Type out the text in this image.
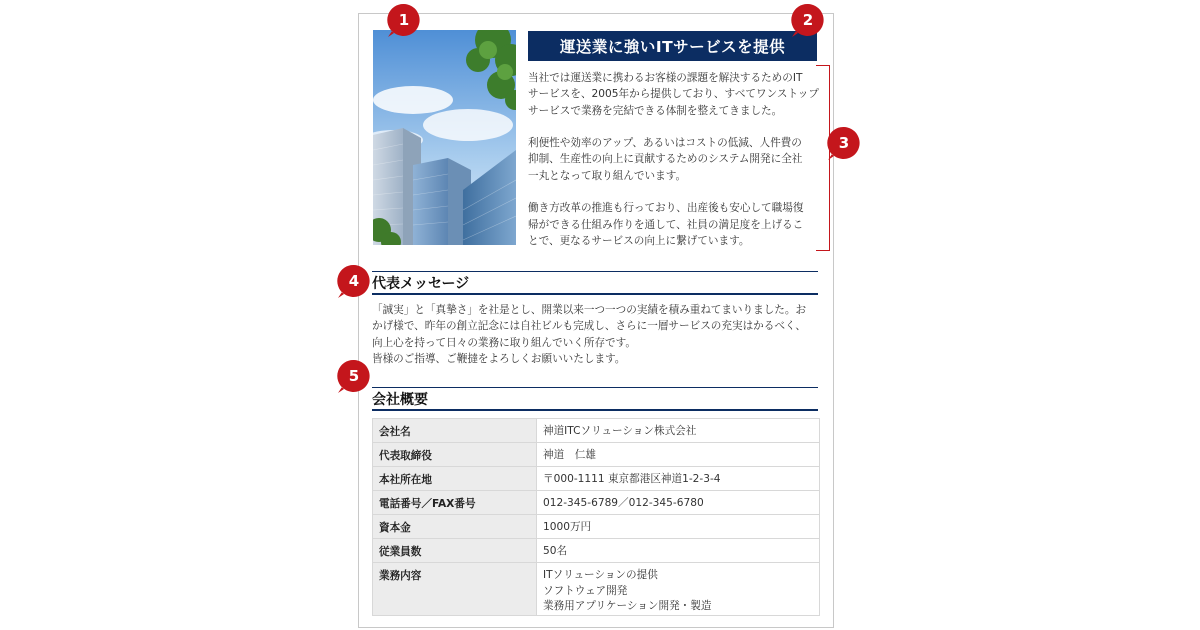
運送業に強いITサービスを提供

当社では運送業に携わるお客様の課題を解決するためのIT
サービスを、2005年から提供しており、すべてワンストップ
サービスで業務を完結できる体制を整えてきました。

利便性や効率のアップ、あるいはコストの低減、人件費の
抑制、生産性の向上に貢献するためのシステム開発に全社
一丸となって取り組んでいます。

働き方改革の推進も行っており、出産後も安心して職場復
帰ができる仕組み作りを通して、社員の満足度を上げるこ
とで、更なるサービスの向上に繋げています。

代表メッセージ
「誠実」と「真摯さ」を社是とし、開業以来一つ一つの実績を積み重ねてまいりました。お
かげ様で、昨年の創立記念には自社ビルも完成し、さらに一層サービスの充実はかるべく、
向上心を持って日々の業務に取り組んでいく所存です。
皆様のご指導、ご鞭撻をよろしくお願いいたします。
会社概要
会社名	神道ITCソリューション株式会社

代表取締役	神道　仁雄

本社所在地	〒000-1111 東京都港区神道1-2-3-4

電話番号／FAX番号	012-345-6789／012-345-6780

資本金	1000万円

従業員数	50名

業務内容	ITソリューションの提供
ソフトウェア開発
業務用アプリケーション開発・製造
1	2
3
4
5
